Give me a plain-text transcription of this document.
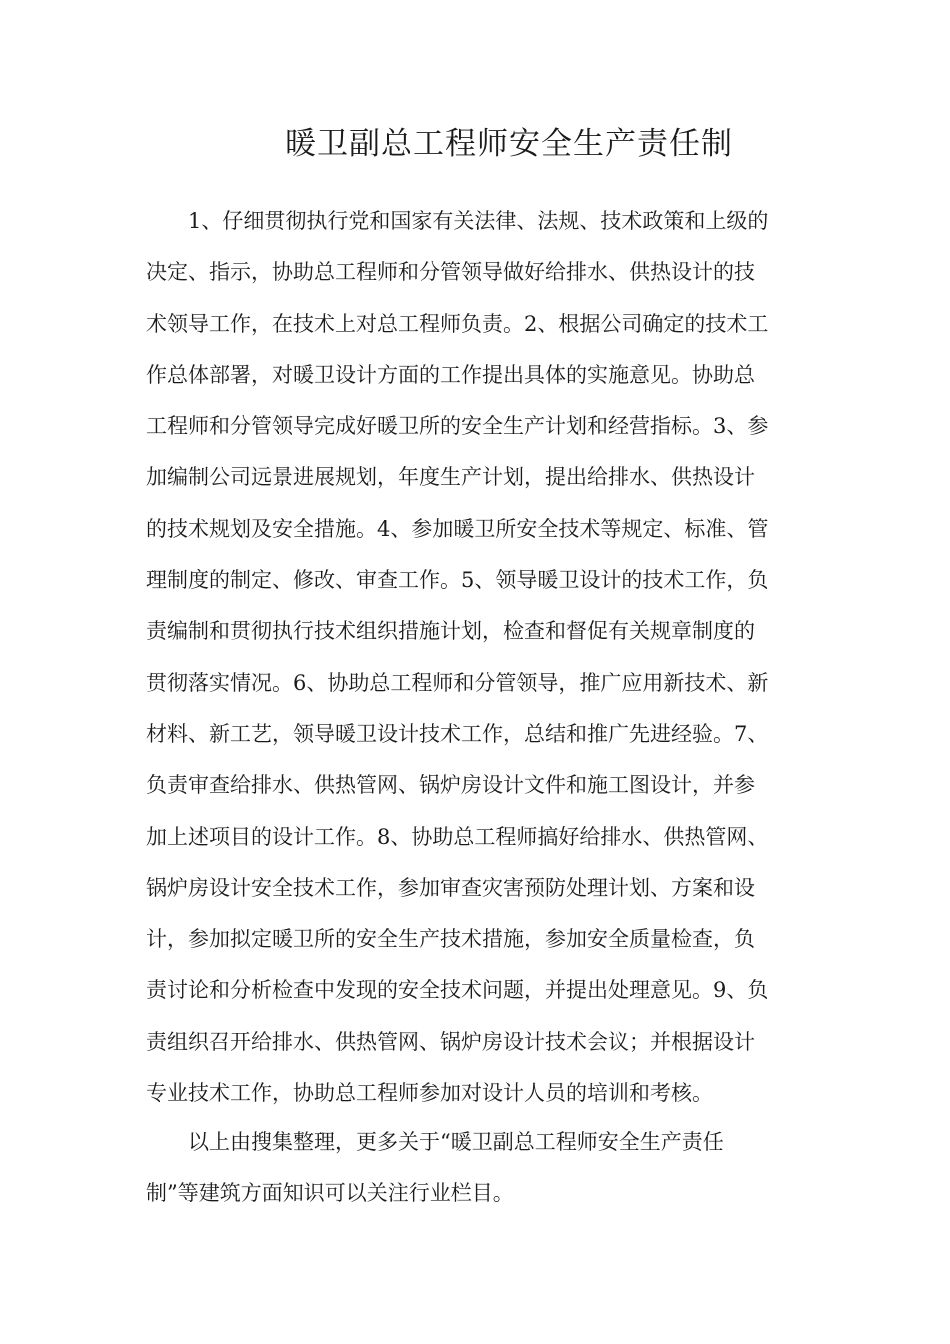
暖卫副总工程师安全生产责任制
1、仔细贯彻执行党和国家有关法律、法规、技术政策和上级的
决定、指示，协助总工程师和分管领导做好给排水、供热设计的技
术领导工作，在技术上对总工程师负责。2、根据公司确定的技术工
作总体部署，对暖卫设计方面的工作提出具体的实施意见。协助总
工程师和分管领导完成好暖卫所的安全生产计划和经营指标。3、参
加编制公司远景进展规划，年度生产计划，提出给排水、供热设计
的技术规划及安全措施。4、参加暖卫所安全技术等规定、标准、管
理制度的制定、修改、审查工作。5、领导暖卫设计的技术工作，负
责编制和贯彻执行技术组织措施计划，检查和督促有关规章制度的
贯彻落实情况。6、协助总工程师和分管领导，推广应用新技术、新
材料、新工艺，领导暖卫设计技术工作，总结和推广先进经验。7、
负责审查给排水、供热管网、锅炉房设计文件和施工图设计，并参
加上述项目的设计工作。8、协助总工程师搞好给排水、供热管网、
锅炉房设计安全技术工作，参加审查灾害预防处理计划、方案和设
计，参加拟定暖卫所的安全生产技术措施，参加安全质量检查，负
责讨论和分析检查中发现的安全技术问题，并提出处理意见。9、负
责组织召开给排水、供热管网、锅炉房设计技术会议；并根据设计
专业技术工作，协助总工程师参加对设计人员的培训和考核。
以上由搜集整理，更多关于“暖卫副总工程师安全生产责任
制”等建筑方面知识可以关注行业栏目。
